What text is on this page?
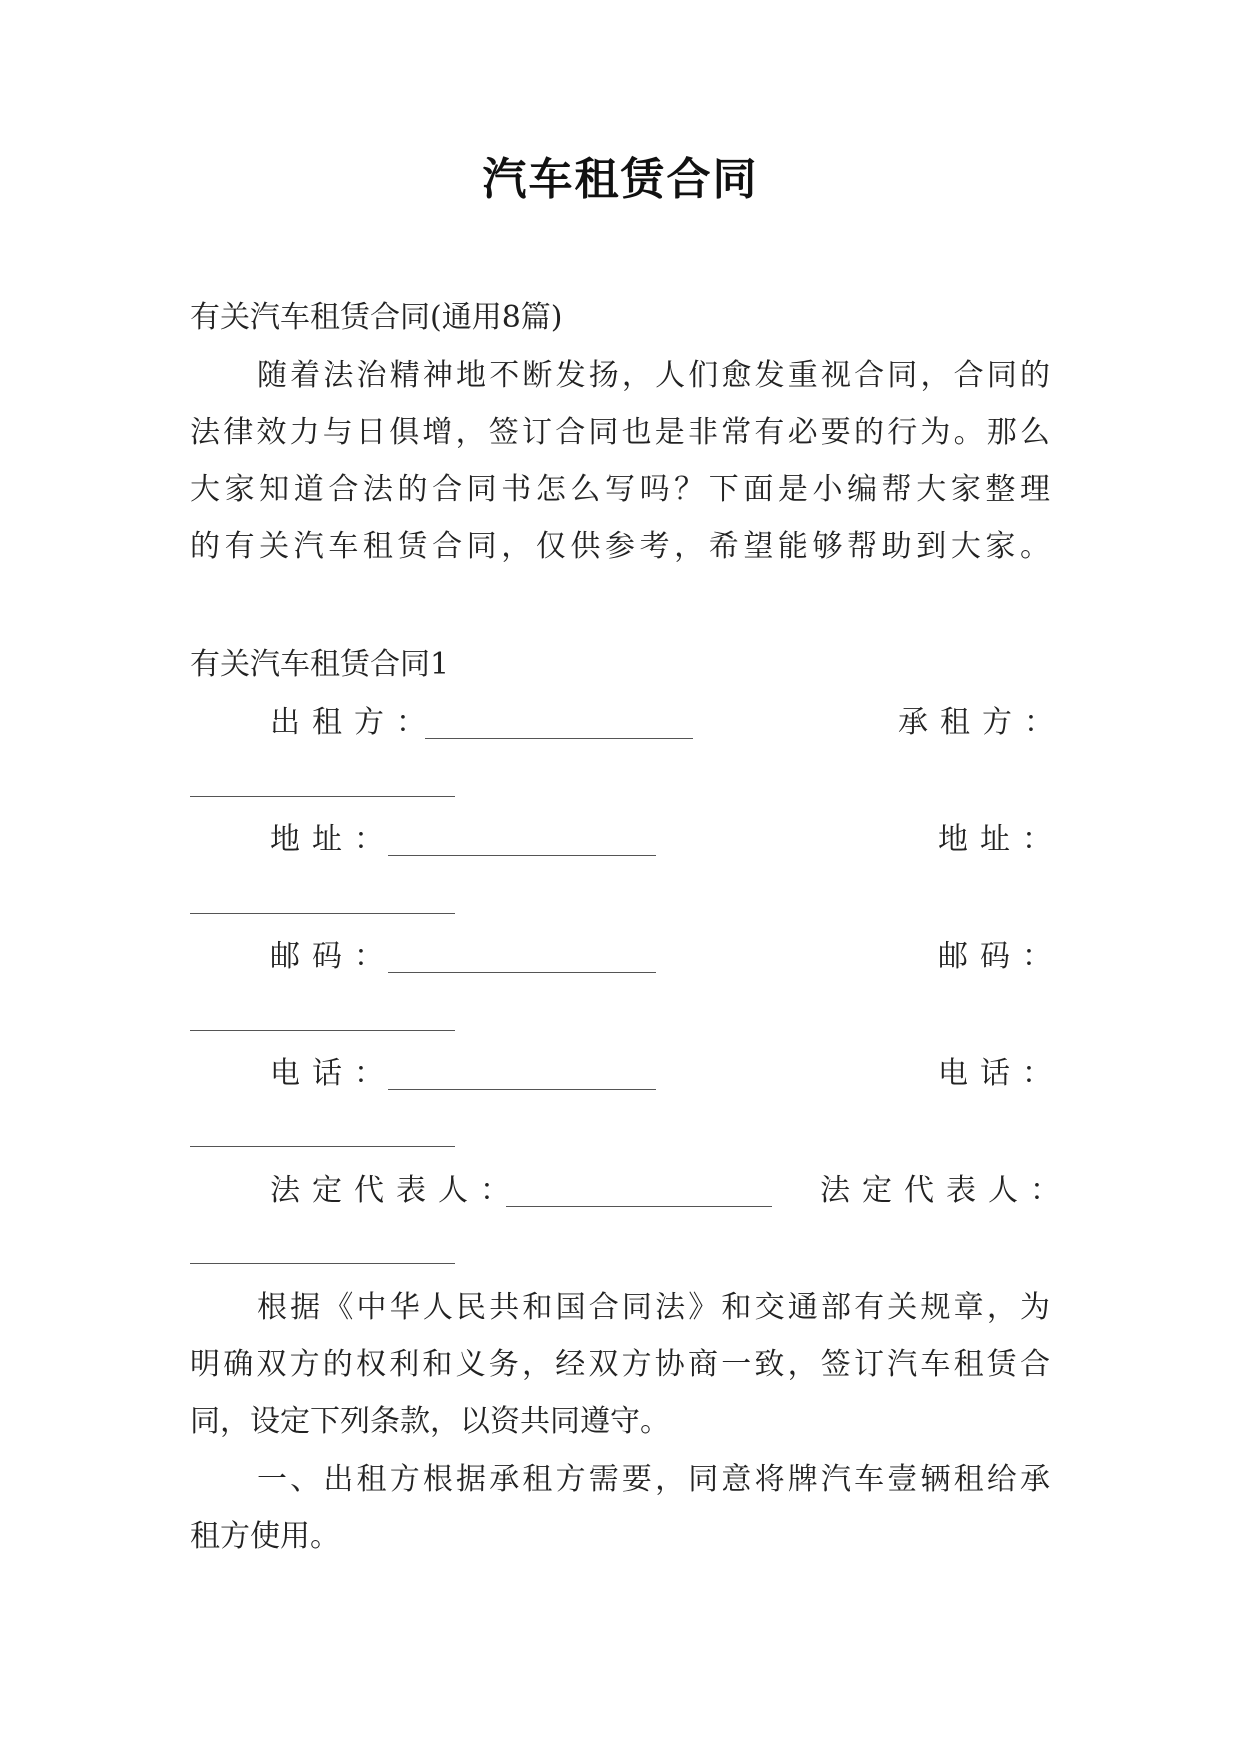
汽车租赁合同
有关汽车租赁合同(通用8篇)
随着法治精神地不断发扬，人们愈发重视合同，合同的
法律效力与日俱增，签订合同也是非常有必要的行为。那么
大家知道合法的合同书怎么写吗？下面是小编帮大家整理
的有关汽车租赁合同，仅供参考，希望能够帮助到大家。
有关汽车租赁合同1
出租方：	承租方：
地址：	地址：
邮码：	邮码：
电话：	电话：
法定代表人：	法定代表人：
根据《中华人民共和国合同法》和交通部有关规章，为
明确双方的权利和义务，经双方协商一致，签订汽车租赁合
同，设定下列条款，以资共同遵守。
一、出租方根据承租方需要，同意将牌汽车壹辆租给承
租方使用。
